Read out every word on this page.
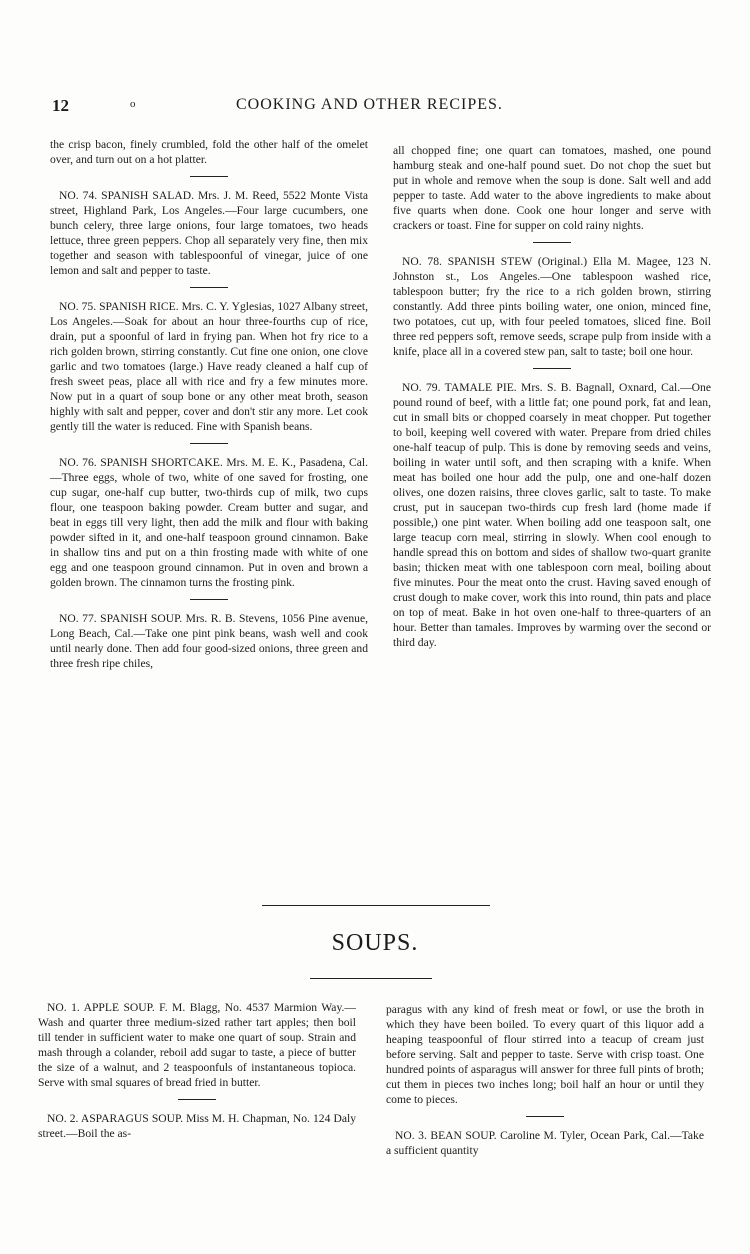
12	o	COOKING AND OTHER RECIPES.

the crisp bacon, finely crumbled, fold the other half of the omelet over, and turn out on a hot platter.

NO. 74. SPANISH SALAD. Mrs. J. M. Reed, 5522 Monte Vista street, Highland Park, Los Angeles.—Four large cucumbers, one bunch celery, three large onions, four large tomatoes, two heads lettuce, three green peppers. Chop all separately very fine, then mix together and season with tablespoonful of vinegar, juice of one lemon and salt and pepper to taste.

NO. 75. SPANISH RICE. Mrs. C. Y. Yglesias, 1027 Albany street, Los Angeles.—Soak for about an hour three-fourths cup of rice, drain, put a spoonful of lard in frying pan. When hot fry rice to a rich golden brown, stirring constantly. Cut fine one onion, one clove garlic and two tomatoes (large.) Have ready cleaned a half cup of fresh sweet peas, place all with rice and fry a few minutes more. Now put in a quart of soup bone or any other meat broth, season highly with salt and pepper, cover and don't stir any more. Let cook gently till the water is reduced. Fine with Spanish beans.

NO. 76. SPANISH SHORTCAKE. Mrs. M. E. K., Pasadena, Cal.—Three eggs, whole of two, white of one saved for frosting, one cup sugar, one-half cup butter, two-thirds cup of milk, two cups flour, one teaspoon baking powder. Cream butter and sugar, and beat in eggs till very light, then add the milk and flour with baking powder sifted in it, and one-half teaspoon ground cinnamon. Bake in shallow tins and put on a thin frosting made with white of one egg and one teaspoon ground cinnamon. Put in oven and brown a golden brown. The cinnamon turns the frosting pink.

NO. 77. SPANISH SOUP. Mrs. R. B. Stevens, 1056 Pine avenue, Long Beach, Cal.—Take one pint pink beans, wash well and cook until nearly done. Then add four good-sized onions, three green and three fresh ripe chiles,

all chopped fine; one quart can tomatoes, mashed, one pound hamburg steak and one-half pound suet. Do not chop the suet but put in whole and remove when the soup is done. Salt well and add pepper to taste. Add water to the above ingredients to make about five quarts when done. Cook one hour longer and serve with crackers or toast. Fine for supper on cold rainy nights.

NO. 78. SPANISH STEW (Original.) Ella M. Magee, 123 N. Johnston st., Los Angeles.—One tablespoon washed rice, tablespoon butter; fry the rice to a rich golden brown, stirring constantly. Add three pints boiling water, one onion, minced fine, two potatoes, cut up, with four peeled tomatoes, sliced fine. Boil three red peppers soft, remove seeds, scrape pulp from inside with a knife, place all in a covered stew pan, salt to taste; boil one hour.

NO. 79. TAMALE PIE. Mrs. S. B. Bagnall, Oxnard, Cal.—One pound round of beef, with a little fat; one pound pork, fat and lean, cut in small bits or chopped coarsely in meat chopper. Put together to boil, keeping well covered with water. Prepare from dried chiles one-half teacup of pulp. This is done by removing seeds and veins, boiling in water until soft, and then scraping with a knife. When meat has boiled one hour add the pulp, one and one-half dozen olives, one dozen raisins, three cloves garlic, salt to taste. To make crust, put in saucepan two-thirds cup fresh lard (home made if possible,) one pint water. When boiling add one teaspoon salt, one large teacup corn meal, stirring in slowly. When cool enough to handle spread this on bottom and sides of shallow two-quart granite basin; thicken meat with one tablespoon corn meal, boiling about five minutes. Pour the meat onto the crust. Having saved enough of crust dough to make cover, work this into round, thin pats and place on top of meat. Bake in hot oven one-half to three-quarters of an hour. Better than tamales. Improves by warming over the second or third day.

SOUPS.

NO. 1. APPLE SOUP. F. M. Blagg, No. 4537 Marmion Way.—Wash and quarter three medium-sized rather tart apples; then boil till tender in sufficient water to make one quart of soup. Strain and mash through a colander, reboil add sugar to taste, a piece of butter the size of a walnut, and 2 teaspoonfuls of instantaneous topioca. Serve with smal squares of bread fried in butter.

NO. 2. ASPARAGUS SOUP. Miss M. H. Chapman, No. 124 Daly street.—Boil the as-

paragus with any kind of fresh meat or fowl, or use the broth in which they have been boiled. To every quart of this liquor add a heaping teaspoonful of flour stirred into a teacup of cream just before serving. Salt and pepper to taste. Serve with crisp toast. One hundred points of asparagus will answer for three full pints of broth; cut them in pieces two inches long; boil half an hour or until they come to pieces.

NO. 3. BEAN SOUP. Caroline M. Tyler, Ocean Park, Cal.—Take a sufficient quantity
